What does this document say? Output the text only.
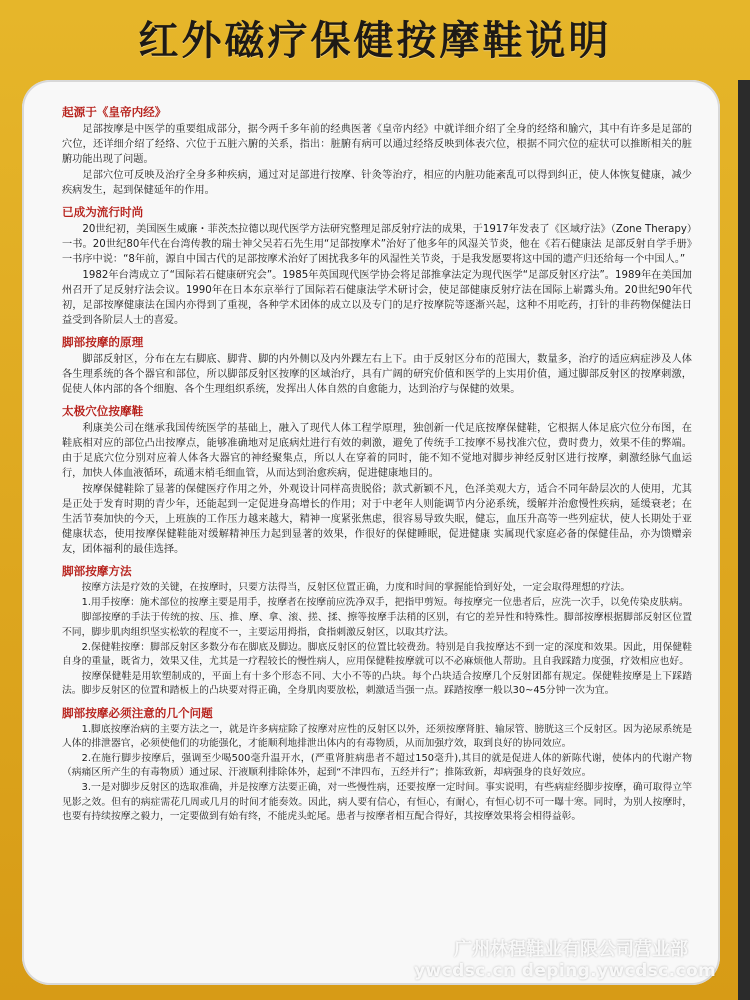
红外磁疗保健按摩鞋说明
起源于《皇帝内经》

足部按摩是中医学的重要组成部分，据今两千多年前的经典医著《皇帝内经》中就详细介绍了全身的经络和腧穴，其中有许多是足部的穴位，还详细介绍了经络、穴位于五脏六腑的关系，指出：脏腑有病可以通过经络反映到体表穴位，根据不同穴位的症状可以推断相关的脏腑功能出现了问题。

足部穴位可反映及治疗全身多种疾病，通过对足部进行按摩、针灸等治疗，相应的内脏功能紊乱可以得到纠正，使人体恢复健康，减少疾病发生，起到保健延年的作用。

已成为流行时尚

20世纪初，美国医生威廉・菲茨杰拉德以现代医学方法研究整理足部反射疗法的成果，于1917年发表了《区域疗法》（Zone Therapy）一书。20世纪80年代在台湾传教的瑞士神父吴若石先生用“足部按摩术”治好了他多年的风湿关节炎，他在《若石健康法 足部反射自学手册》一书序中说：“8年前，源自中国古代的足部按摩术治好了困扰我多年的风湿性关节炎，于是我发愿要将这中国的遗产归还给每一个中国人。”

1982年台湾成立了“国际若石健康研究会”。1985年英国现代医学协会将足部推拿法定为现代医学“足部反射区疗法”。1989年在美国加州召开了足反射疗法会议。1990年在日本东京举行了国际若石健康法学术研讨会，使足部健康反射疗法在国际上崭露头角。20世纪90年代初，足部按摩健康法在国内亦得到了重视，各种学术团体的成立以及专门的足疗按摩院等逐渐兴起，这种不用吃药，打针的非药物保健法日益受到各阶层人士的喜爱。

脚部按摩的原理

脚部反射区，分布在左右脚底、脚背、脚的内外侧以及内外踝左右上下。由于反射区分布的范围大，数量多，治疗的适应病症涉及人体各生理系统的各个器官和部位，所以脚部反射区按摩的区域治疗，具有广阔的研究价值和医学的上实用价值，通过脚部反射区的按摩刺激，促使人体内部的各个细胞、各个生理组织系统，发挥出人体自然的自愈能力，达到治疗与保健的效果。

太极穴位按摩鞋

利康美公司在继承我国传统医学的基础上，融入了现代人体工程学原理，独创新一代足底按摩保健鞋，它根据人体足底穴位分布图，在鞋底相对应的部位凸出按摩点，能够准确地对足底病灶进行有效的刺激，避免了传统手工按摩不易找准穴位，费时费力，效果不佳的弊端。由于足底穴位分别对应着人体各大器官的神经聚集点，所以人在穿着的同时，能不知不觉地对脚步神经反射区进行按摩，刺激经脉气血运行，加快人体血液循环，疏通末梢毛细血管，从而达到治愈疾病，促进健康地目的。

按摩保健鞋除了显著的保健医疗作用之外，外观设计同样高贵脱俗；款式新颖不凡，色泽美观大方，适合不同年龄层次的人使用，尤其是正处于发育时期的青少年，还能起到一定促进身高增长的作用；对于中老年人则能调节内分泌系统，缓解并治愈慢性疾病，延缓衰老；在生活节奏加快的今天，上班族的工作压力越来越大，精神一度紧张焦虑，很容易导致失眠，健忘，血压升高等一些列症状，使人长期处于亚健康状态，使用按摩保健鞋能对缓解精神压力起到显著的效果，作很好的保健睡眠，促进健康 实属现代家庭必备的保健佳品，亦为馈赠亲友，团体福利的最佳选择。

脚部按摩方法

按摩方法是疗效的关键，在按摩时，只要方法得当，反射区位置正确，力度和时间的掌握能恰到好处，一定会取得理想的疗法。

1.用手按摩：施术部位的按摩主要是用手，按摩者在按摩前应洗净双手，把指甲剪短。每按摩完一位患者后，应洗一次手，以免传染皮肤病。

脚部按摩的手法于传统的按、压、推、摩、拿、滚、搓、揉、擦等按摩手法稍的区别，有它的差异性和特殊性。脚部按摩根据脚部反射区位置不同，脚步肌肉组织坚实松软的程度不一，主要运用拇指，食指刺激反射区，以取其疗法。

2.保健鞋按摩：脚部反射区多数分布在脚底及脚边。脚底反射区的位置比较费劲。特别是自我按摩达不到一定的深度和效果。因此，用保健鞋自身的重量，既省力，效果又佳，尤其是一疗程较长的慢性病人，应用保健鞋按摩就可以不必麻烦他人帮助。且自我踩踏力度强，疗效相应也好。

按摩保健鞋是用软塑制成的，平面上有十多个形态不同、大小不等的凸块。每个凸块适合按摩几个反射团都有规定。保健鞋按摩是上下踩踏法。脚步反射区的位置和踏板上的凸块要对得正确，全身肌肉要放松，刺激适当强一点。踩踏按摩一般以30~45分钟一次为宜。

脚部按摩必须注意的几个问题

1.脚底按摩治病的主要方法之一，就是许多病症除了按摩对应性的反射区以外，还须按摩肾脏、输尿管、膀胱这三个反射区。因为泌尿系统是人体的排泄器官，必须使他们的功能强化，才能顺利地排泄出体内的有毒物质，从而加强疗效，取到良好的协同效应。

2.在施行脚步按摩后，强调至少喝500毫升温开水，(严重肾脏病患者不超过150毫升),其目的就是促进人体的新陈代谢，使体内的代谢产物（病痛区所产生的有毒物质）通过尿、汗液顺利排除体外，起到“不津四布，五经并行”；推陈致新，却病强身的良好效应。

3.一是对脚步反射区的选取准确，并是按摩方法要正确，对一些慢性病，还要按摩一定时间。事实说明，有些病症经脚步按摩，确可取得立竿见影之效。但有的病症需花几周或几月的时间才能奏效。因此，病人要有信心，有恒心，有耐心，有恒心切不可一曝十寒。同时，为别人按摩时，也要有持续按摩之毅力，一定要做到有始有终，不能虎头蛇尾。患者与按摩者相互配合得好，其按摩效果将会相得益彰。

广州林程鞋业有限公司营业部
ywcdsc.cn deping.ywcdsc.com
